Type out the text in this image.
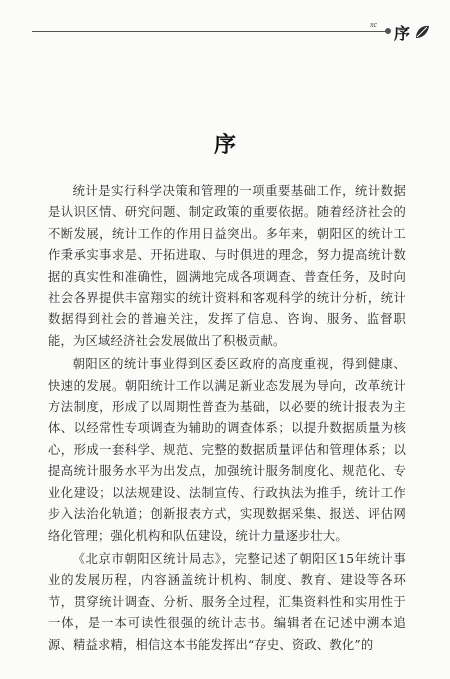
xc 序
序

统计是实行科学决策和管理的一项重要基础工作，统计数据是认识区情、研究问题、制定政策的重要依据。随着经济社会的不断发展，统计工作的作用日益突出。多年来，朝阳区的统计工作秉承实事求是、开拓进取、与时俱进的理念，努力提高统计数据的真实性和准确性，圆满地完成各项调查、普查任务，及时向社会各界提供丰富翔实的统计资料和客观科学的统计分析，统计数据得到社会的普遍关注，发挥了信息、咨询、服务、监督职能，为区域经济社会发展做出了积极贡献。

朝阳区的统计事业得到区委区政府的高度重视，得到健康、快速的发展。朝阳统计工作以满足新业态发展为导向，改革统计方法制度，形成了以周期性普查为基础，以必要的统计报表为主体、以经常性专项调查为辅助的调查体系；以提升数据质量为核心，形成一套科学、规范、完整的数据质量评估和管理体系；以提高统计服务水平为出发点，加强统计服务制度化、规范化、专业化建设；以法规建设、法制宣传、行政执法为推手，统计工作步入法治化轨道；创新报表方式，实现数据采集、报送、评估网络化管理；强化机构和队伍建设，统计力量逐步壮大。

《北京市朝阳区统计局志》，完整记述了朝阳区15年统计事业的发展历程，内容涵盖统计机构、制度、教育、建设等各环节，贯穿统计调查、分析、服务全过程，汇集资料性和实用性于一体，是一本可读性很强的统计志书。编辑者在记述中溯本追源、精益求精，相信这本书能发挥出“存史、资政、教化”的
